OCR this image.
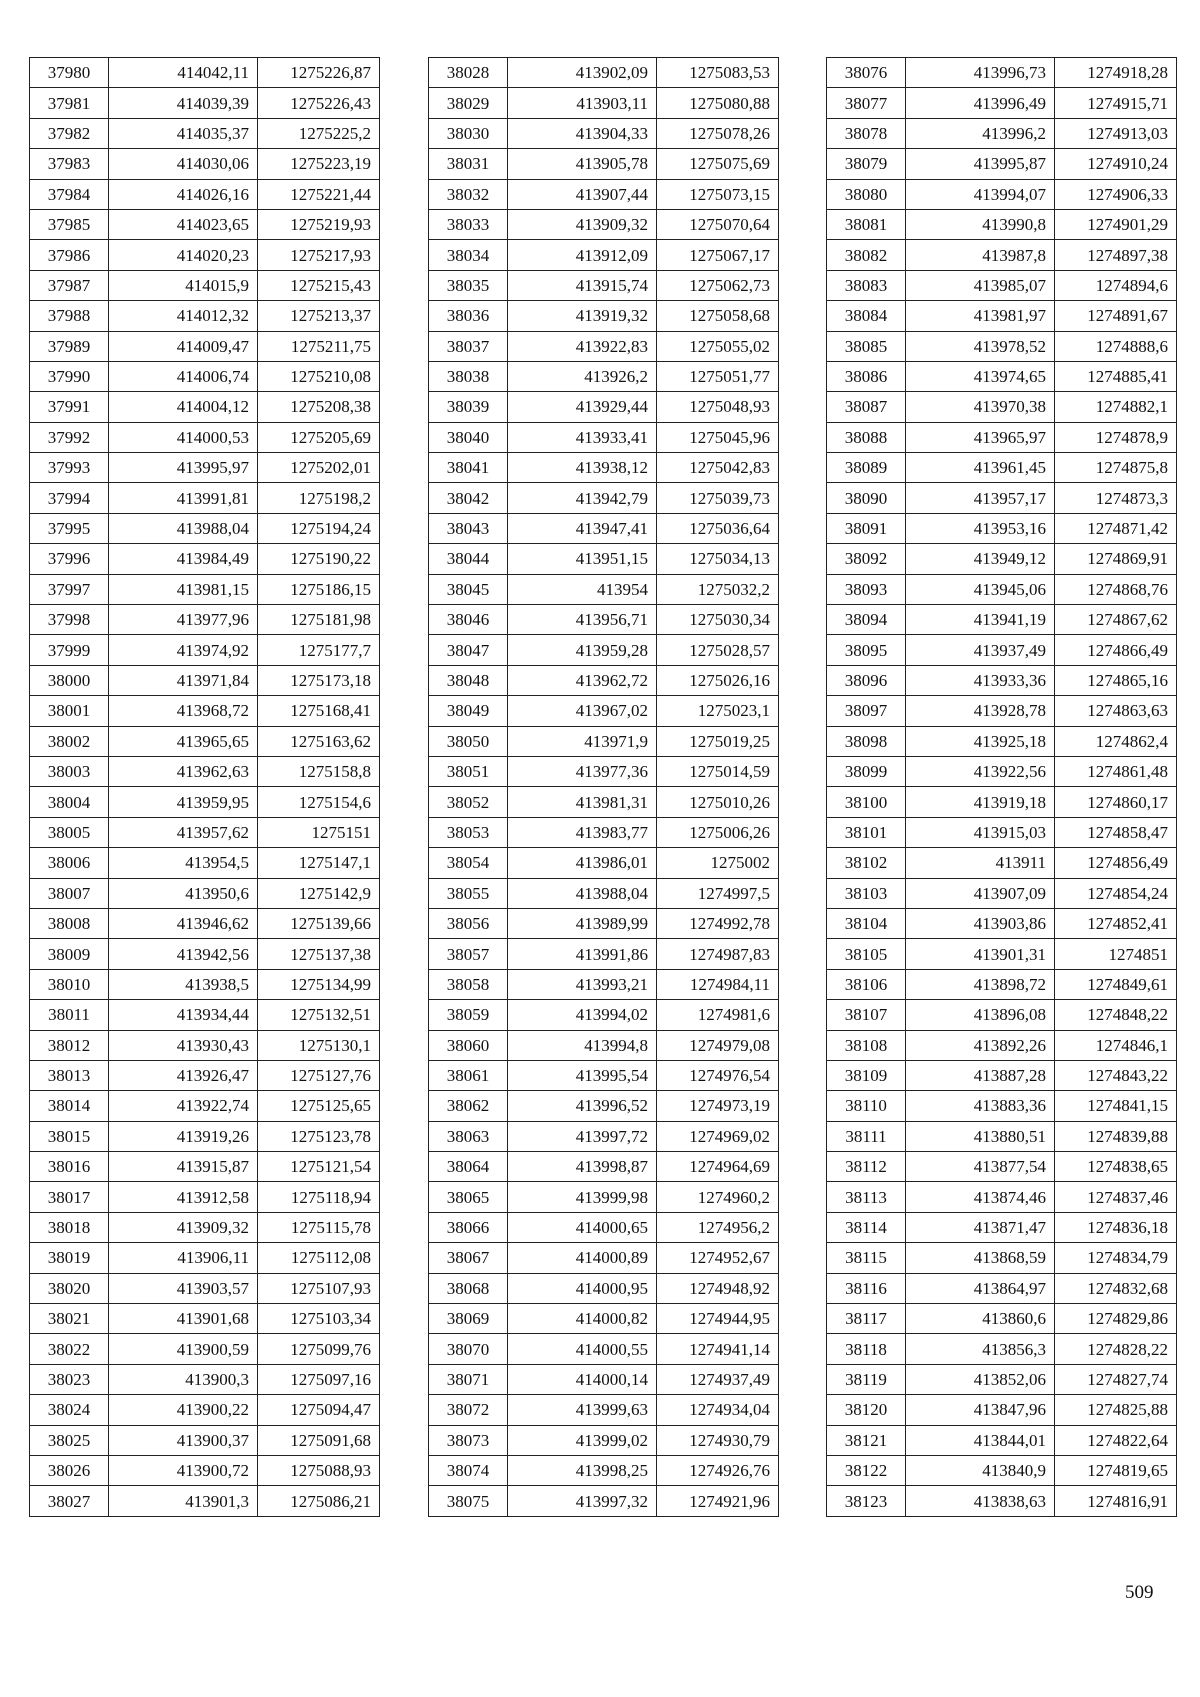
37980	414042,11	1275226,87
37981	414039,39	1275226,43
37982	414035,37	1275225,2
37983	414030,06	1275223,19
37984	414026,16	1275221,44
37985	414023,65	1275219,93
37986	414020,23	1275217,93
37987	414015,9	1275215,43
37988	414012,32	1275213,37
37989	414009,47	1275211,75
37990	414006,74	1275210,08
37991	414004,12	1275208,38
37992	414000,53	1275205,69
37993	413995,97	1275202,01
37994	413991,81	1275198,2
37995	413988,04	1275194,24
37996	413984,49	1275190,22
37997	413981,15	1275186,15
37998	413977,96	1275181,98
37999	413974,92	1275177,7
38000	413971,84	1275173,18
38001	413968,72	1275168,41
38002	413965,65	1275163,62
38003	413962,63	1275158,8
38004	413959,95	1275154,6
38005	413957,62	1275151
38006	413954,5	1275147,1
38007	413950,6	1275142,9
38008	413946,62	1275139,66
38009	413942,56	1275137,38
38010	413938,5	1275134,99
38011	413934,44	1275132,51
38012	413930,43	1275130,1
38013	413926,47	1275127,76
38014	413922,74	1275125,65
38015	413919,26	1275123,78
38016	413915,87	1275121,54
38017	413912,58	1275118,94
38018	413909,32	1275115,78
38019	413906,11	1275112,08
38020	413903,57	1275107,93
38021	413901,68	1275103,34
38022	413900,59	1275099,76
38023	413900,3	1275097,16
38024	413900,22	1275094,47
38025	413900,37	1275091,68
38026	413900,72	1275088,93
38027	413901,3	1275086,21
38028	413902,09	1275083,53
38029	413903,11	1275080,88
38030	413904,33	1275078,26
38031	413905,78	1275075,69
38032	413907,44	1275073,15
38033	413909,32	1275070,64
38034	413912,09	1275067,17
38035	413915,74	1275062,73
38036	413919,32	1275058,68
38037	413922,83	1275055,02
38038	413926,2	1275051,77
38039	413929,44	1275048,93
38040	413933,41	1275045,96
38041	413938,12	1275042,83
38042	413942,79	1275039,73
38043	413947,41	1275036,64
38044	413951,15	1275034,13
38045	413954	1275032,2
38046	413956,71	1275030,34
38047	413959,28	1275028,57
38048	413962,72	1275026,16
38049	413967,02	1275023,1
38050	413971,9	1275019,25
38051	413977,36	1275014,59
38052	413981,31	1275010,26
38053	413983,77	1275006,26
38054	413986,01	1275002
38055	413988,04	1274997,5
38056	413989,99	1274992,78
38057	413991,86	1274987,83
38058	413993,21	1274984,11
38059	413994,02	1274981,6
38060	413994,8	1274979,08
38061	413995,54	1274976,54
38062	413996,52	1274973,19
38063	413997,72	1274969,02
38064	413998,87	1274964,69
38065	413999,98	1274960,2
38066	414000,65	1274956,2
38067	414000,89	1274952,67
38068	414000,95	1274948,92
38069	414000,82	1274944,95
38070	414000,55	1274941,14
38071	414000,14	1274937,49
38072	413999,63	1274934,04
38073	413999,02	1274930,79
38074	413998,25	1274926,76
38075	413997,32	1274921,96
38076	413996,73	1274918,28
38077	413996,49	1274915,71
38078	413996,2	1274913,03
38079	413995,87	1274910,24
38080	413994,07	1274906,33
38081	413990,8	1274901,29
38082	413987,8	1274897,38
38083	413985,07	1274894,6
38084	413981,97	1274891,67
38085	413978,52	1274888,6
38086	413974,65	1274885,41
38087	413970,38	1274882,1
38088	413965,97	1274878,9
38089	413961,45	1274875,8
38090	413957,17	1274873,3
38091	413953,16	1274871,42
38092	413949,12	1274869,91
38093	413945,06	1274868,76
38094	413941,19	1274867,62
38095	413937,49	1274866,49
38096	413933,36	1274865,16
38097	413928,78	1274863,63
38098	413925,18	1274862,4
38099	413922,56	1274861,48
38100	413919,18	1274860,17
38101	413915,03	1274858,47
38102	413911	1274856,49
38103	413907,09	1274854,24
38104	413903,86	1274852,41
38105	413901,31	1274851
38106	413898,72	1274849,61
38107	413896,08	1274848,22
38108	413892,26	1274846,1
38109	413887,28	1274843,22
38110	413883,36	1274841,15
38111	413880,51	1274839,88
38112	413877,54	1274838,65
38113	413874,46	1274837,46
38114	413871,47	1274836,18
38115	413868,59	1274834,79
38116	413864,97	1274832,68
38117	413860,6	1274829,86
38118	413856,3	1274828,22
38119	413852,06	1274827,74
38120	413847,96	1274825,88
38121	413844,01	1274822,64
38122	413840,9	1274819,65
38123	413838,63	1274816,91
509
